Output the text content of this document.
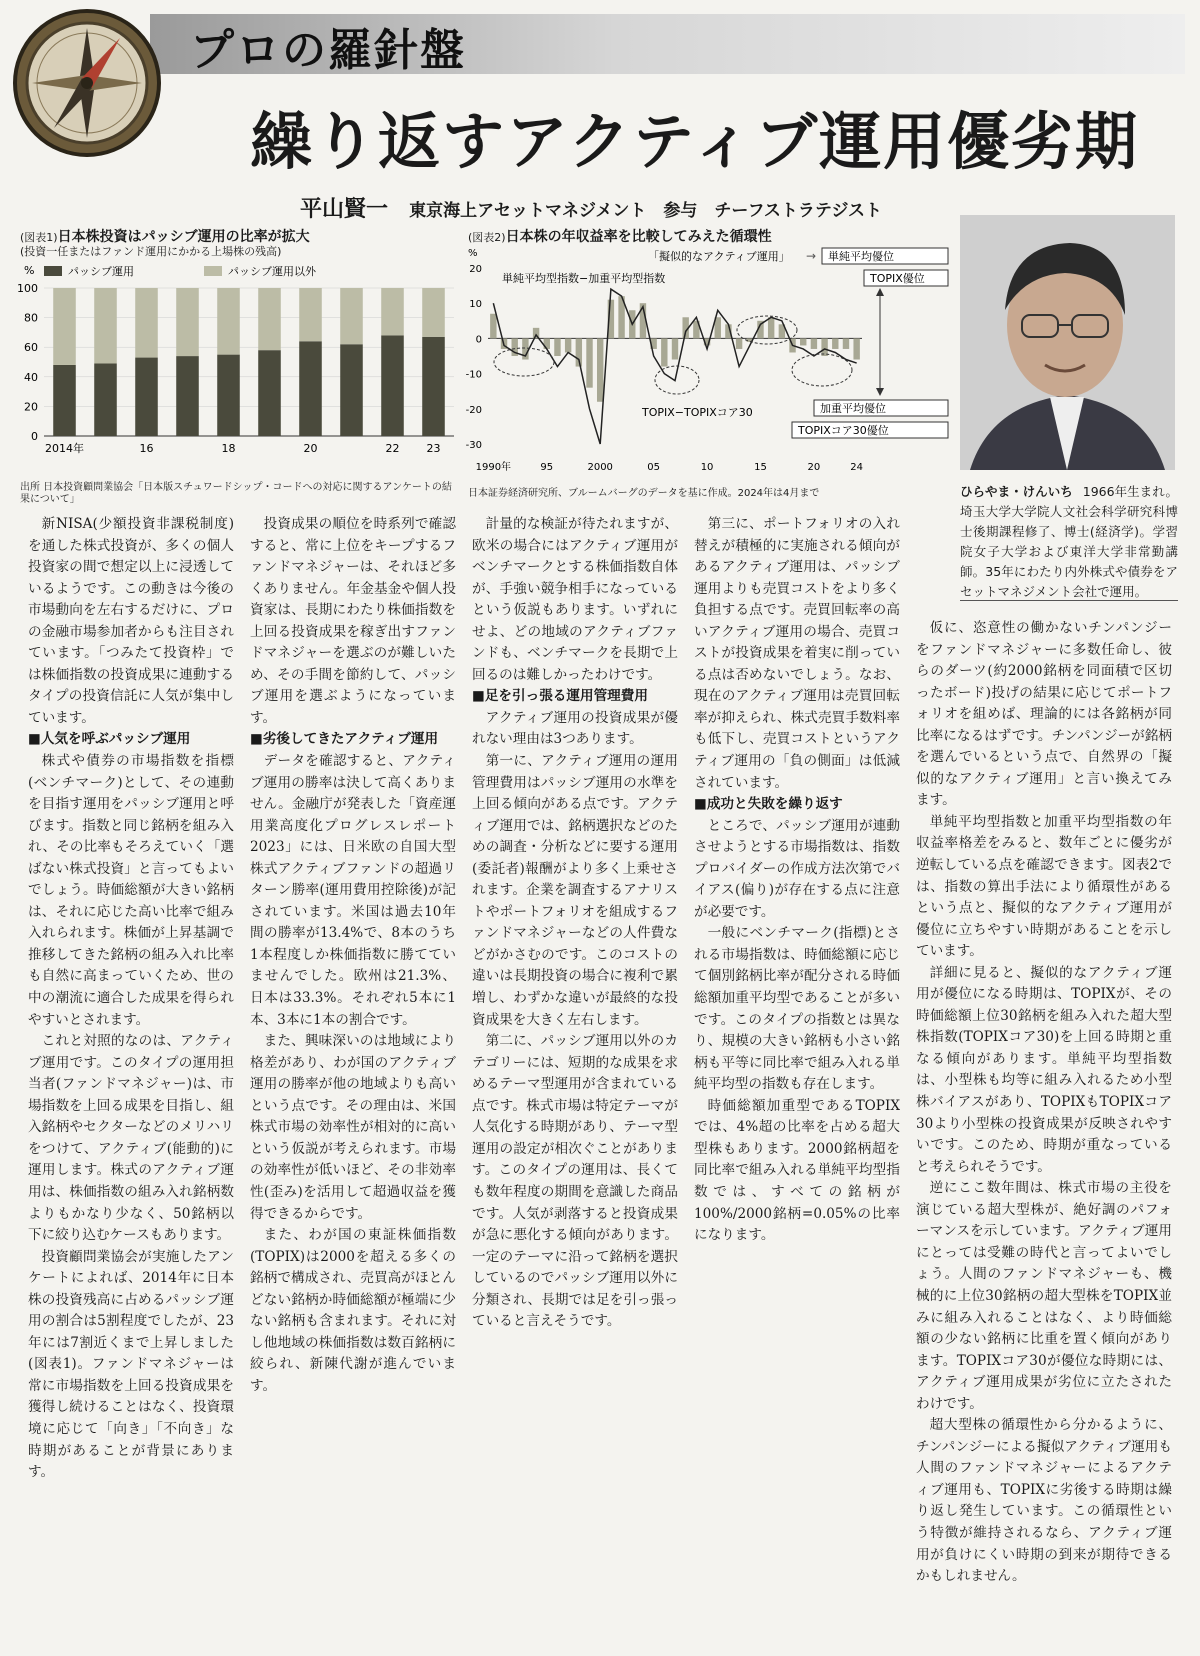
プロの羅針盤
繰り返すアクティブ運用優劣期
平山賢一 東京海上アセットマネジメント　参与　チーフストラテジスト
(図表1)日本株投資はパッシブ運用の比率が拡大
(投資一任またはファンド運用にかかる上場株の残高)
0
20
40
60
80
100
2014年	16	18	20	22 23
%	パッシブ運用	パッシブ運用以外
出所 日本投資顧問業協会「日本版スチュワードシップ・コードへの対応に関するアンケートの結果について」
(図表2)日本株の年収益率を比較してみえた循環性
20
10
0
-10
-20
-30
1990年	95	2000	05	10	15	20	24
%	「擬似的なアクティブ運用」 → 単純平均優位
TOPIX優位
単純平均型指数−加重平均型指数
TOPIX−TOPIXコア30	加重平均優位
TOPIXコア30優位
日本証券経済研究所、ブルームバーグのデータを基に作成。2024年は4月まで	ひらやま・けんいち 1966年生まれ。埼玉大学大学院人文社会科学研究科博士後期課程修了、博士(経済学)。学習院女子大学および東洋大学非常勤講師。35年にわたり内外株式や債券をアセットマネジメント会社で運用。

新NISA(少額投資非課税制度)を通した株式投資が、多くの個人投資家の間で想定以上に浸透しているようです。この動きは今後の市場動向を左右するだけに、プロの金融市場参加者からも注目されています。「つみたて投資枠」では株価指数の投資成果に連動するタイプの投資信託に人気が集中しています。

■人気を呼ぶパッシブ運用

株式や債券の市場指数を指標(ベンチマーク)として、その連動を目指す運用をパッシブ運用と呼びます。指数と同じ銘柄を組み入れ、その比率もそろえていく「選ばない株式投資」と言ってもよいでしょう。時価総額が大きい銘柄は、それに応じた高い比率で組み入れられます。株価が上昇基調で推移してきた銘柄の組み入れ比率も自然に高まっていくため、世の中の潮流に適合した成果を得られやすいとされます。

これと対照的なのは、アクティブ運用です。このタイプの運用担当者(ファンドマネジャー)は、市場指数を上回る成果を目指し、組入銘柄やセクターなどのメリハリをつけて、アクティブ(能動的)に運用します。株式のアクティブ運用は、株価指数の組み入れ銘柄数よりもかなり少なく、50銘柄以下に絞り込むケースもあります。

投資顧問業協会が実施したアンケートによれば、2014年に日本株の投資残高に占めるパッシブ運用の割合は5割程度でしたが、23年には7割近くまで上昇しました(図表1)。ファンドマネジャーは常に市場指数を上回る投資成果を獲得し続けることはなく、投資環境に応じて「向き」「不向き」な時期があることが背景にあります。

投資成果の順位を時系列で確認すると、常に上位をキープするファンドマネジャーは、それほど多くありません。年金基金や個人投資家は、長期にわたり株価指数を上回る投資成果を稼ぎ出すファンドマネジャーを選ぶのが難しいため、その手間を節約して、パッシブ運用を選ぶようになっています。

■劣後してきたアクティブ運用

データを確認すると、アクティブ運用の勝率は決して高くありません。金融庁が発表した「資産運用業高度化プログレスレポート2023」には、日米欧の自国大型株式アクティブファンドの超過リターン勝率(運用費用控除後)が記されています。米国は過去10年間の勝率が13.4%で、8本のうち1本程度しか株価指数に勝てていませんでした。欧州は21.3%、日本は33.3%。それぞれ5本に1本、3本に1本の割合です。

また、興味深いのは地域により格差があり、わが国のアクティブ運用の勝率が他の地域よりも高いという点です。その理由は、米国株式市場の効率性が相対的に高いという仮説が考えられます。市場の効率性が低いほど、その非効率性(歪み)を活用して超過収益を獲得できるからです。

また、わが国の東証株価指数(TOPIX)は2000を超える多くの銘柄で構成され、売買高がほとんどない銘柄か時価総額が極端に少ない銘柄も含まれます。それに対し他地域の株価指数は数百銘柄に絞られ、新陳代謝が進んでいます。

計量的な検証が待たれますが、欧米の場合にはアクティブ運用がベンチマークとする株価指数自体が、手強い競争相手になっているという仮説もあります。いずれにせよ、どの地域のアクティブファンドも、ベンチマークを長期で上回るのは難しかったわけです。

■足を引っ張る運用管理費用

アクティブ運用の投資成果が優れない理由は3つあります。

第一に、アクティブ運用の運用管理費用はパッシブ運用の水準を上回る傾向がある点です。アクティブ運用では、銘柄選択などのための調査・分析などに要する運用(委託者)報酬がより多く上乗せされます。企業を調査するアナリストやポートフォリオを組成するファンドマネジャーなどの人件費などがかさむのです。このコストの違いは長期投資の場合に複利で累増し、わずかな違いが最終的な投資成果を大きく左右します。

第二に、パッシブ運用以外のカテゴリーには、短期的な成果を求めるテーマ型運用が含まれている点です。株式市場は特定テーマが人気化する時期があり、テーマ型運用の設定が相次ぐことがあります。このタイプの運用は、長くても数年程度の期間を意識した商品です。人気が剥落すると投資成果が急に悪化する傾向があります。一定のテーマに沿って銘柄を選択しているのでパッシブ運用以外に分類され、長期では足を引っ張っていると言えそうです。

第三に、ポートフォリオの入れ替えが積極的に実施される傾向があるアクティブ運用は、パッシブ運用よりも売買コストをより多く負担する点です。売買回転率の高いアクティブ運用の場合、売買コストが投資成果を着実に削っている点は否めないでしょう。なお、現在のアクティブ運用は売買回転率が抑えられ、株式売買手数料率も低下し、売買コストというアクティブ運用の「負の側面」は低減されています。

■成功と失敗を繰り返す

ところで、パッシブ運用が連動させようとする市場指数は、指数プロバイダーの作成方法次第でバイアス(偏り)が存在する点に注意が必要です。

一般にベンチマーク(指標)とされる市場指数は、時価総額に応じて個別銘柄比率が配分される時価総額加重平均型であることが多いです。このタイプの指数とは異なり、規模の大きい銘柄も小さい銘柄も平等に同比率で組み入れる単純平均型の指数も存在します。

時価総額加重型であるTOPIXでは、4%超の比率を占める超大型株もあります。2000銘柄超を同比率で組み入れる単純平均型指数では、すべての銘柄が100%/2000銘柄=0.05%の比率になります。

仮に、恣意性の働かないチンパンジーをファンドマネジャーに多数任命し、彼らのダーツ(約2000銘柄を同面積で区切ったボード)投げの結果に応じてポートフォリオを組めば、理論的には各銘柄が同比率になるはずです。チンパンジーが銘柄を選んでいるという点で、自然界の「擬似的なアクティブ運用」と言い換えてみます。

単純平均型指数と加重平均型指数の年収益率格差をみると、数年ごとに優劣が逆転している点を確認できます。図表2では、指数の算出手法により循環性があるという点と、擬似的なアクティブ運用が優位に立ちやすい時期があることを示しています。

詳細に見ると、擬似的なアクティブ運用が優位になる時期は、TOPIXが、その時価総額上位30銘柄を組み入れた超大型株指数(TOPIXコア30)を上回る時期と重なる傾向があります。単純平均型指数は、小型株も均等に組み入れるため小型株バイアスがあり、TOPIXもTOPIXコア30より小型株の投資成果が反映されやすいです。このため、時期が重なっていると考えられそうです。

逆にここ数年間は、株式市場の主役を演じている超大型株が、絶好調のパフォーマンスを示しています。アクティブ運用にとっては受難の時代と言ってよいでしょう。人間のファンドマネジャーも、機械的に上位30銘柄の超大型株をTOPIX並みに組み入れることはなく、より時価総額の少ない銘柄に比重を置く傾向があります。TOPIXコア30が優位な時期には、アクティブ運用成果が劣位に立たされたわけです。

超大型株の循環性から分かるように、チンパンジーによる擬似アクティブ運用も人間のファンドマネジャーによるアクティブ運用も、TOPIXに劣後する時期は繰り返し発生しています。この循環性という特徴が維持されるなら、アクティブ運用が負けにくい時期の到来が期待できるかもしれません。
